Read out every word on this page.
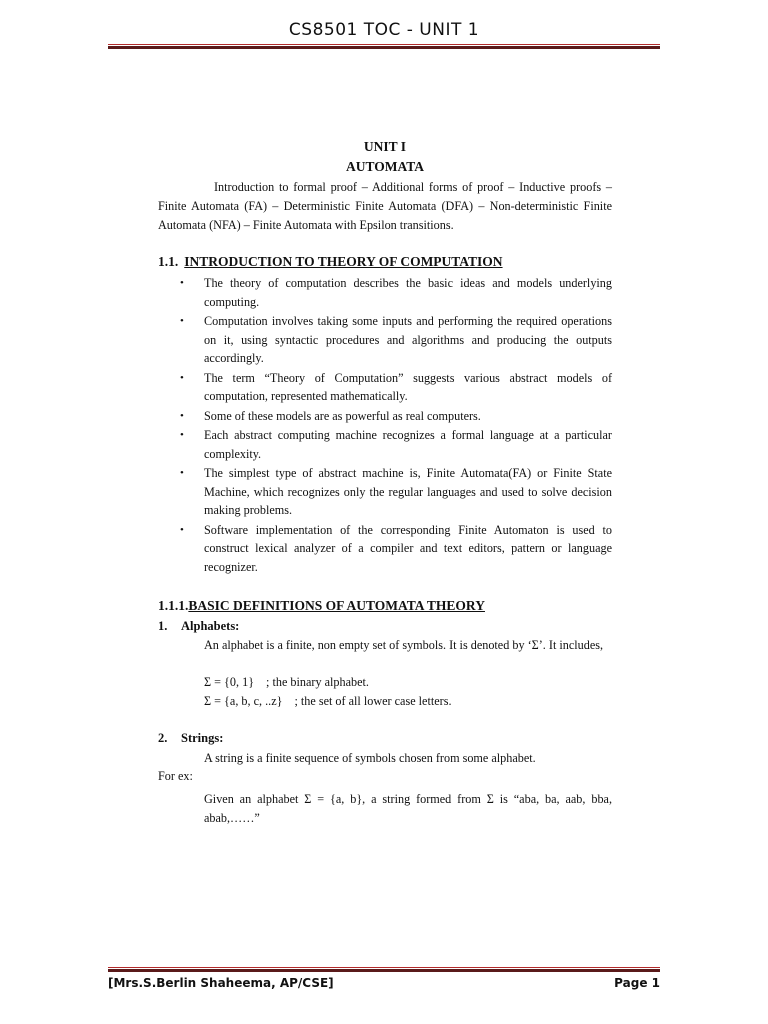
CS8501 TOC - UNIT 1
UNIT I
AUTOMATA
Introduction to formal proof – Additional forms of proof – Inductive proofs – Finite Automata (FA) – Deterministic Finite Automata (DFA) – Non-deterministic Finite Automata (NFA) – Finite Automata with Epsilon transitions.
1.1. INTRODUCTION TO THEORY OF COMPUTATION
• The theory of computation describes the basic ideas and models underlying computing.
• Computation involves taking some inputs and performing the required operations on it, using syntactic procedures and algorithms and producing the outputs accordingly.
• The term “Theory of Computation” suggests various abstract models of computation, represented mathematically.
• Some of these models are as powerful as real computers.
• Each abstract computing machine recognizes a formal language at a particular complexity.
• The simplest type of abstract machine is, Finite Automata(FA) or Finite State Machine, which recognizes only the regular languages and used to solve decision making problems.
• Software implementation of the corresponding Finite Automaton is used to construct lexical analyzer of a compiler and text editors, pattern or language recognizer.
1.1.1.BASIC DEFINITIONS OF AUTOMATA THEORY
1. Alphabets:
An alphabet is a finite, non empty set of symbols. It is denoted by ‘Σ’. It includes,
Σ = {0, 1} ; the binary alphabet.
Σ = {a, b, c, ..z} ; the set of all lower case letters.
2. Strings:
A string is a finite sequence of symbols chosen from some alphabet.
For ex:
Given an alphabet Σ = {a, b}, a string formed from Σ is “aba, ba, aab, bba, abab,……”
[Mrs.S.Berlin Shaheema, AP/CSE]	Page 1
